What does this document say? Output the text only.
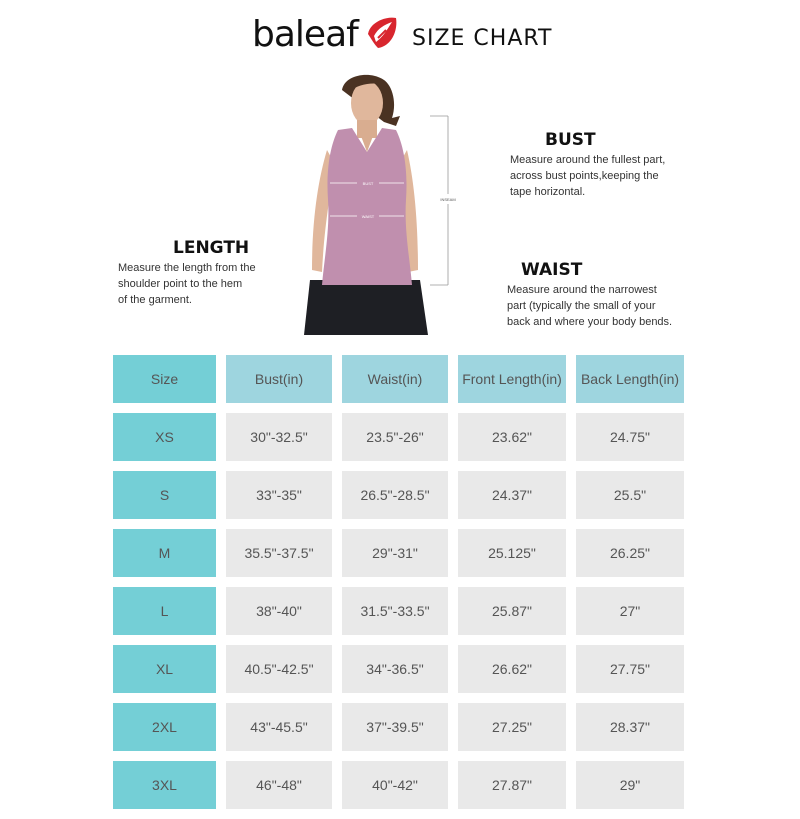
baleaf SIZE CHART
BUST
WAIST
INSEAM
BUST
Measure around the fullest part,
across bust points,keeping the
tape horizontal.
LENGTH
Measure the length from the
shoulder point to the hem
of the garment.
WAIST
Measure around the narrowest
part (typically the small of your
back and where your body bends.
Size	Bust(in)	Waist(in)	Front Length(in)	Back Length(in)
XS	30"-32.5"	23.5"-26"	23.62"	24.75"
S	33"-35"	26.5"-28.5"	24.37"	25.5"
M	35.5"-37.5"	29"-31"	25.125"	26.25"
L	38"-40"	31.5"-33.5"	25.87"	27"
XL	40.5"-42.5"	34"-36.5"	26.62"	27.75"
2XL	43"-45.5"	37"-39.5"	27.25"	28.37"
3XL	46"-48"	40"-42"	27.87"	29"
